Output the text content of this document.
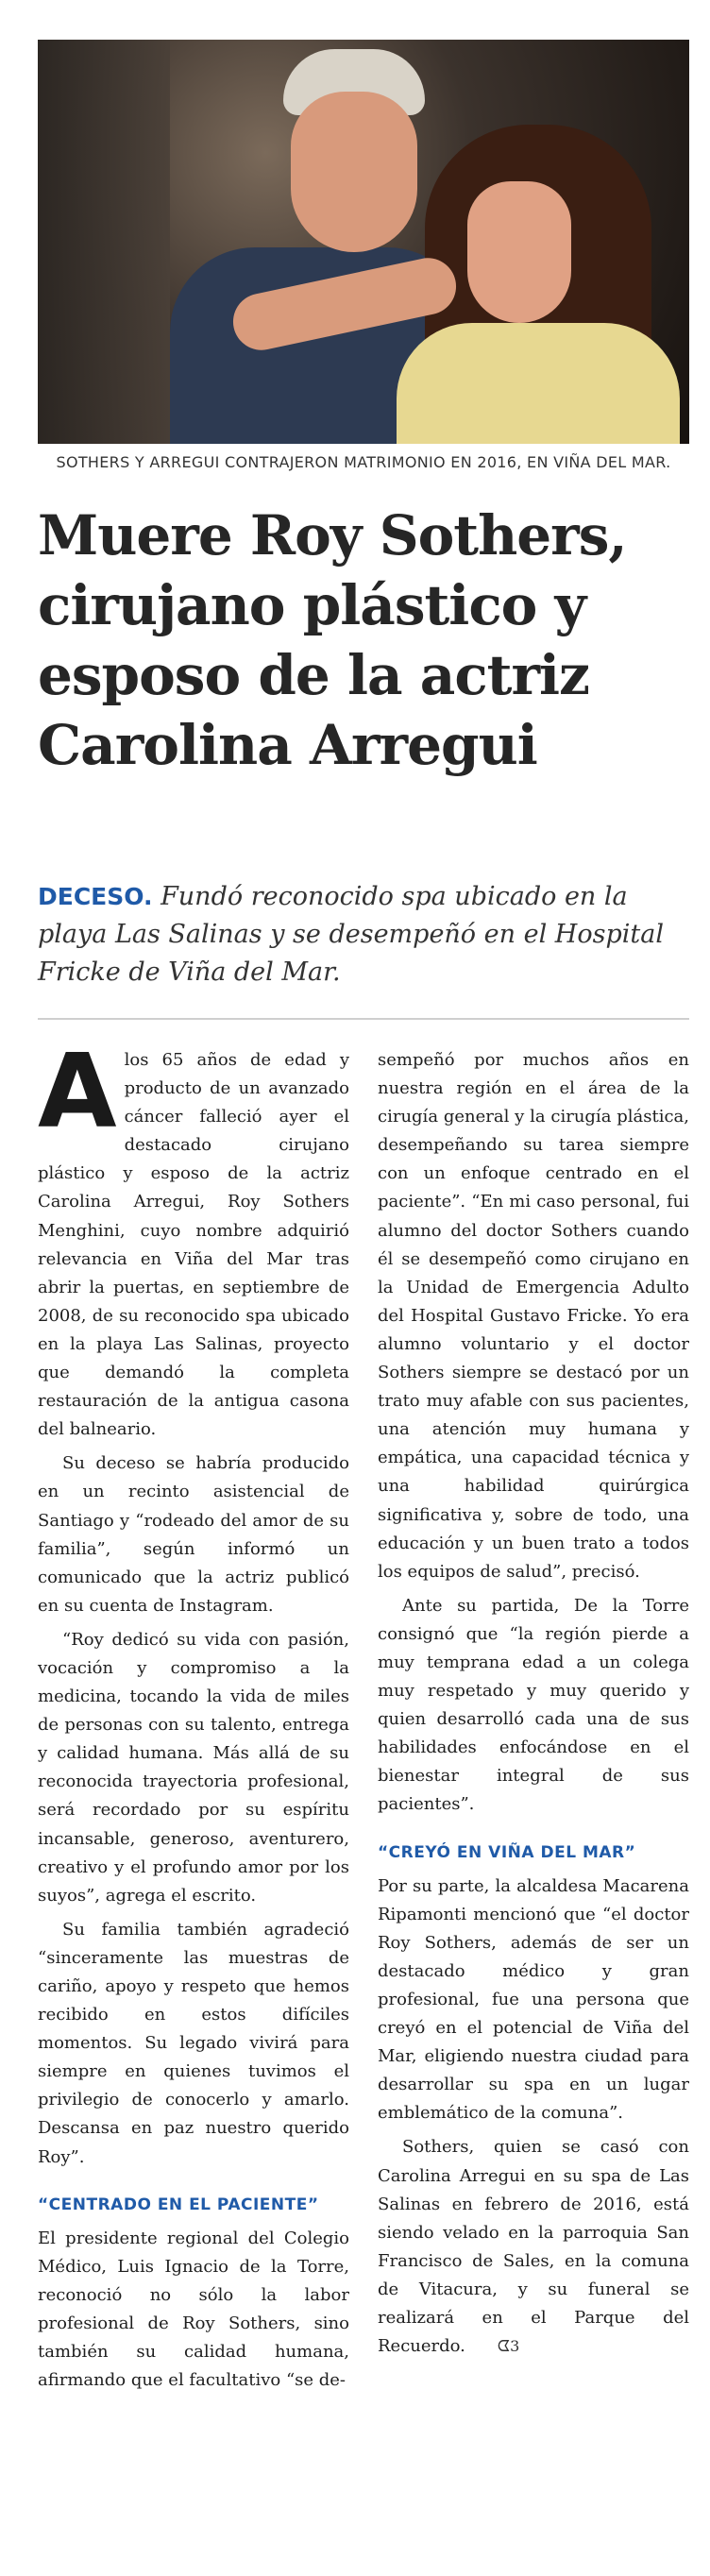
SOTHERS Y ARREGUI CONTRAJERON MATRIMONIO EN 2016, EN VIÑA DEL MAR.
Muere Roy Sothers, cirujano plástico y esposo de la actriz Carolina Arregui
DECESO. Fundó reconocido spa ubicado en la playa Las Salinas y se desempeñó en el Hospital Fricke de Viña del Mar.

A los 65 años de edad y producto de un avanzado cáncer falleció ayer el destacado cirujano plástico y esposo de la actriz Carolina Arregui, Roy Sothers Menghini, cuyo nombre adquirió relevancia en Viña del Mar tras abrir la puertas, en septiembre de 2008, de su reconocido spa ubicado en la playa Las Salinas, proyecto que demandó la completa restauración de la antigua casona del balneario.

Su deceso se habría producido en un recinto asistencial de Santiago y “rodeado del amor de su familia”, según informó un comunicado que la actriz publicó en su cuenta de Instagram.

“Roy dedicó su vida con pasión, vocación y compromiso a la medicina, tocando la vida de miles de personas con su talento, entrega y calidad humana. Más allá de su reconocida trayectoria profesional, será recordado por su espíritu incansable, generoso, aventurero, creativo y el profundo amor por los suyos”, agrega el escrito.

Su familia también agradeció “sinceramente las muestras de cariño, apoyo y respeto que hemos recibido en estos difíciles momentos. Su legado vivirá para siempre en quienes tuvimos el privilegio de conocerlo y amarlo. Descansa en paz nuestro querido Roy”.

“CENTRADO EN EL PACIENTE”

El presidente regional del Colegio Médico, Luis Ignacio de la Torre, reconoció no sólo la labor profesional de Roy Sothers, sino también su calidad humana, afirmando que el facultativo “se de-

sempeñó por muchos años en nuestra región en el área de la cirugía general y la cirugía plástica, desempeñando su tarea siempre con un enfoque centrado en el paciente”. “En mi caso personal, fui alumno del doctor Sothers cuando él se desempeñó como cirujano en la Unidad de Emergencia Adulto del Hospital Gustavo Fricke. Yo era alumno voluntario y el doctor Sothers siempre se destacó por un trato muy afable con sus pacientes, una atención muy humana y empática, una capacidad técnica y una habilidad quirúrgica significativa y, sobre de todo, una educación y un buen trato a todos los equipos de salud”, precisó.

Ante su partida, De la Torre consignó que “la región pierde a muy temprana edad a un colega muy respetado y muy querido y quien desarrolló cada una de sus habilidades enfocándose en el bienestar integral de sus pacientes”.

“CREYÓ EN VIÑA DEL MAR”

Por su parte, la alcaldesa Macarena Ripamonti mencionó que “el doctor Roy Sothers, además de ser un destacado médico y gran profesional, fue una persona que creyó en el potencial de Viña del Mar, eligiendo nuestra ciudad para desarrollar su spa en un lugar emblemático de la comuna”.

Sothers, quien se casó con Carolina Arregui en su spa de Las Salinas en febrero de 2016, está siendo velado en la parroquia San Francisco de Sales, en la comuna de Vitacura, y su funeral se realizará en el Parque del Recuerdo. ᗧ3
